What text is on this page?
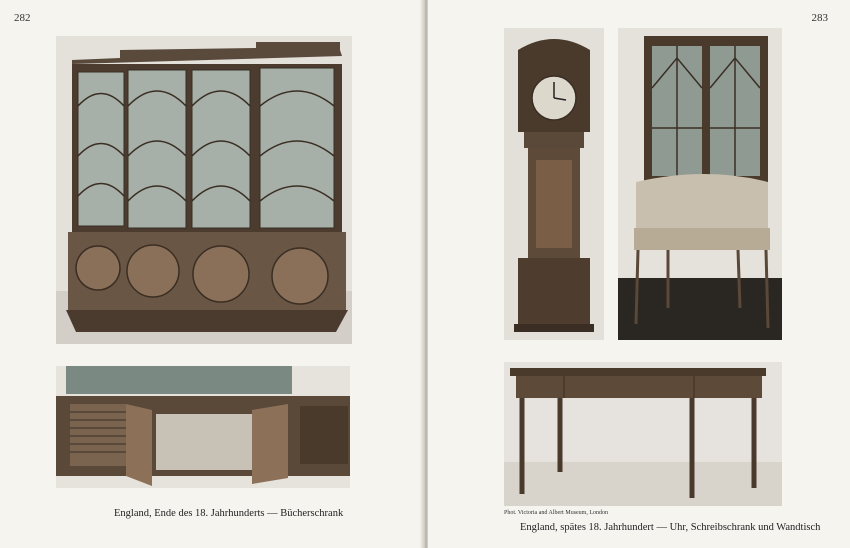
282
England, Ende des 18. Jahrhunderts — Bücherschrank
283
Phot. Victoria and Albert Museum, London
England, spätes 18. Jahrhundert — Uhr, Schreibschrank und Wandtisch
